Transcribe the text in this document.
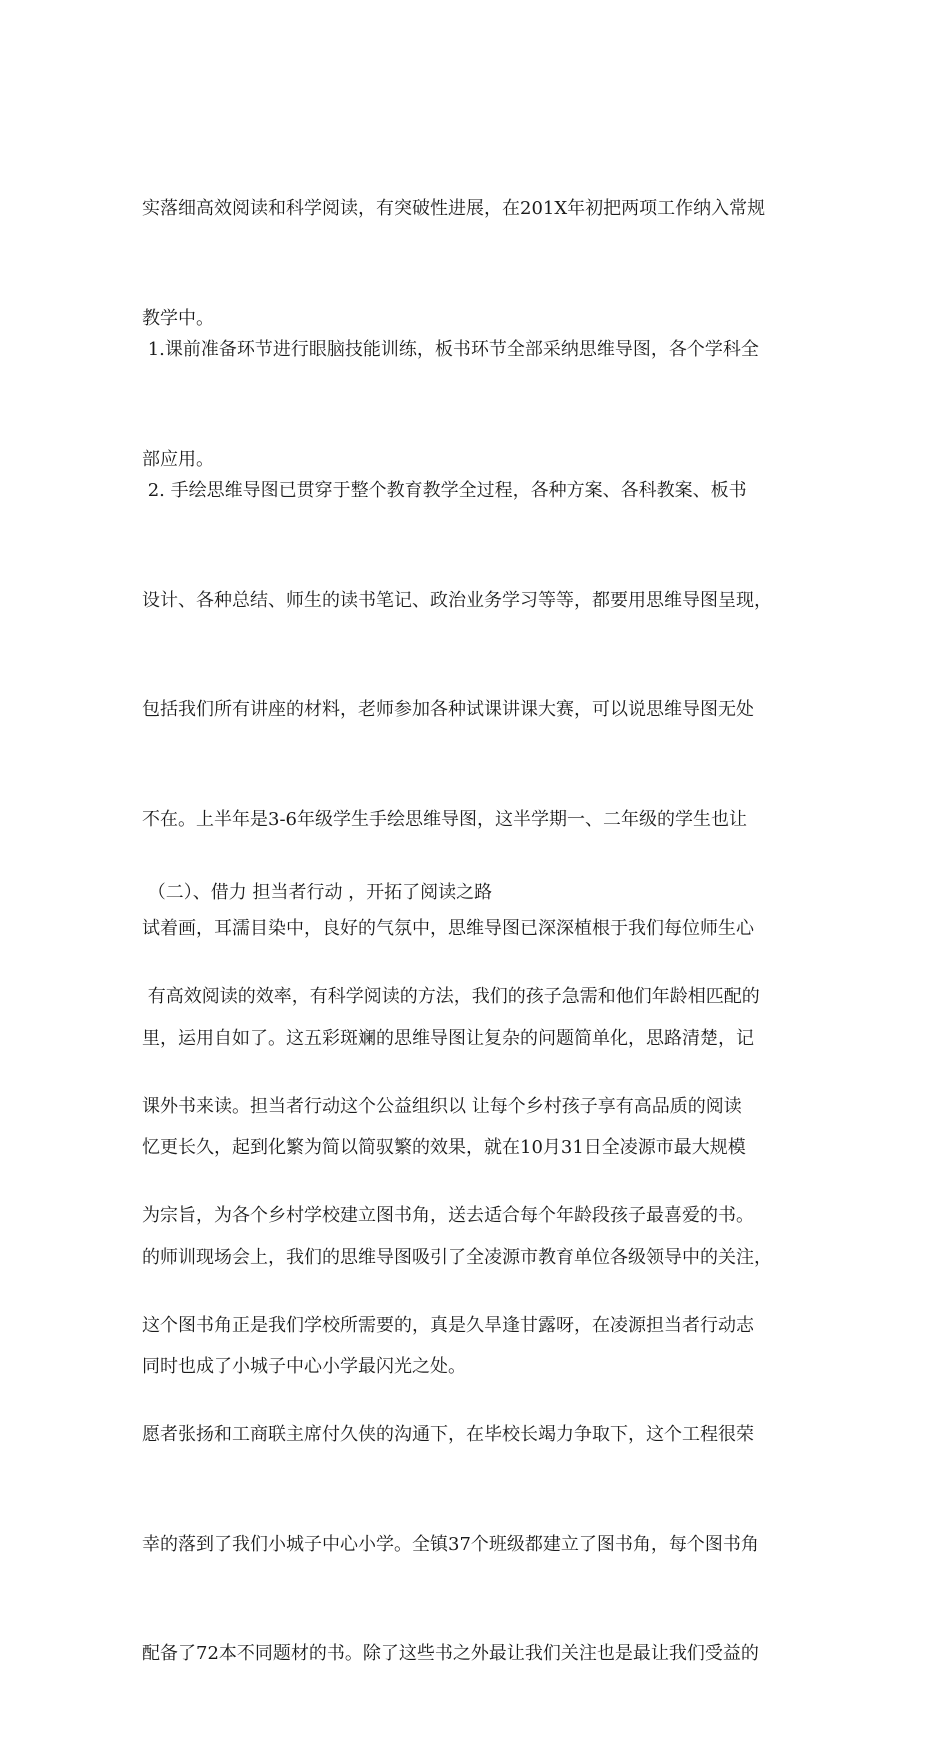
实落细高效阅读和科学阅读，有突破性进展，在201X年初把两项工作纳入常规

教学中。

1.课前准备环节进行眼脑技能训练，板书环节全部采纳思维导图，各个学科全

部应用。

2. 手绘思维导图已贯穿于整个教育教学全过程，各种方案、各科教案、板书

设计、各种总结、师生的读书笔记、政治业务学习等等，都要用思维导图呈现，

包括我们所有讲座的材料，老师参加各种试课讲课大赛，可以说思维导图无处

不在。上半年是3-6年级学生手绘思维导图，这半学期一、二年级的学生也让

试着画，耳濡目染中，良好的气氛中，思维导图已深深植根于我们每位师生心

里，运用自如了。这五彩斑斓的思维导图让复杂的问题简单化，思路清楚，记

忆更长久，起到化繁为简以简驭繁的效果，就在10月31日全凌源市最大规模

的师训现场会上，我们的思维导图吸引了全凌源市教育单位各级领导中的关注，

同时也成了小城子中心小学最闪光之处。

（二）、借力 担当者行动 ，开拓了阅读之路

有高效阅读的效率，有科学阅读的方法，我们的孩子急需和他们年龄相匹配的

课外书来读。担当者行动这个公益组织以 让每个乡村孩子享有高品质的阅读

为宗旨，为各个乡村学校建立图书角，送去适合每个年龄段孩子最喜爱的书。

这个图书角正是我们学校所需要的，真是久旱逢甘露呀，在凌源担当者行动志

愿者张扬和工商联主席付久侠的沟通下，在毕校长竭力争取下，这个工程很荣

幸的落到了我们小城子中心小学。全镇37个班级都建立了图书角，每个图书角

配备了72本不同题材的书。除了这些书之外最让我们关注也是最让我们受益的
